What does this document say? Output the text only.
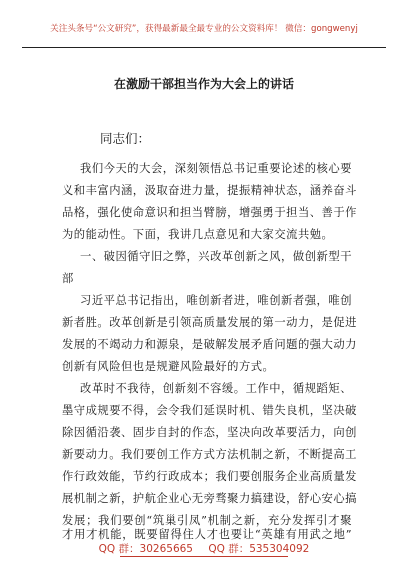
关注头条号“公文研究”，获得最新最全最专业的公文资料库！ 微信：gongwenyj
在激励干部担当作为大会上的讲话
同志们：
我们今天的大会，深刻领悟总书记重要论述的核心要
义和丰富内涵，汲取奋进力量，提振精神状态，涵养奋斗
品格，强化使命意识和担当臂膀，增强勇于担当、善于作
为的能动性。下面，我讲几点意见和大家交流共勉。
一、破因循守旧之弊，兴改革创新之风，做创新型干
部
习近平总书记指出，唯创新者进，唯创新者强，唯创
新者胜。改革创新是引领高质量发展的第一动力，是促进
发展的不竭动力和源泉，是破解发展矛盾问题的强大动力
创新有风险但也是规避风险最好的方式。
改革时不我待，创新刻不容缓。工作中，循规蹈矩、
墨守成规要不得，会令我们延误时机、错失良机，坚决破
除因循沿袭、固步自封的作态，坚决向改革要活力，向创
新要动力。我们要创工作方式方法机制之新，不断提高工
作行政效能，节约行政成本；我们要创服务企业高质量发
展机制之新，护航企业心无旁骛聚力搞建设，舒心安心搞
发展；我们要创“筑巢引凤”机制之新，充分发挥引才聚
才用才机能，既要留得住人才也要让“英雄有用武之地”
QQ 群：30265665 QQ 群：535304092
